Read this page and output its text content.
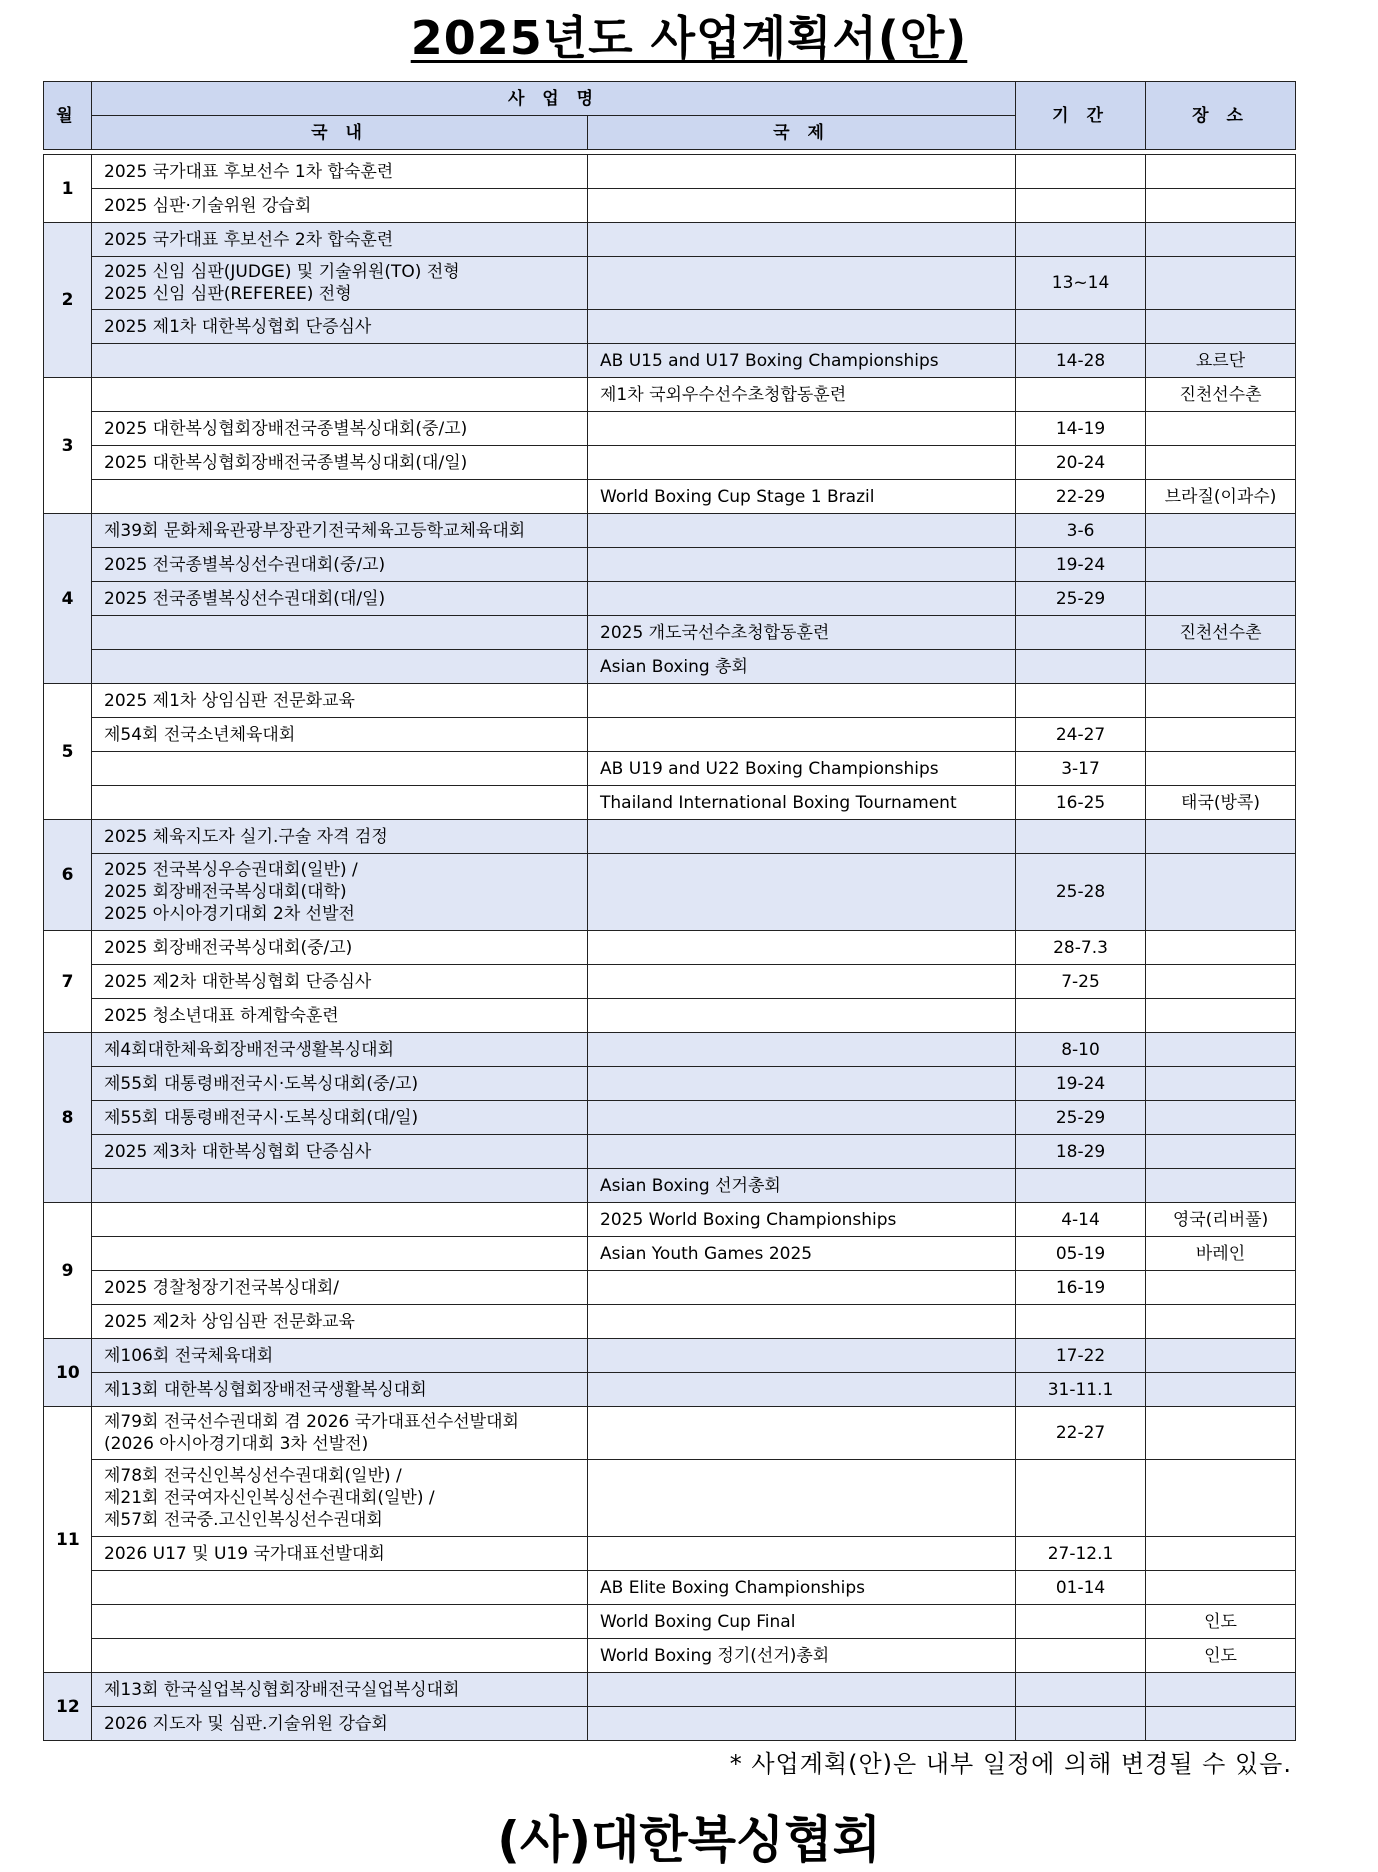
2025년도 사업계획서(안)
월	사 업 명		기 간	장 소
	국 내	국 제		

1	2025 국가대표 후보선수 1차 합숙훈련			

	2025 심판·기술위원 강습회			

2	2025 국가대표 후보선수 2차 합숙훈련			

	2025 신임 심판(JUDGE) 및 기술위원(TO) 전형
2025 신임 심판(REFEREE) 전형		13~14	

	2025 제1차 대한복싱협회 단증심사			

		AB U15 and U17 Boxing Championships	14-28	요르단
3		제1차 국외우수선수초청합동훈련		진천선수촌

	2025 대한복싱협회장배전국종별복싱대회(중/고)		14-19	

	2025 대한복싱협회장배전국종별복싱대회(대/일)		20-24	

		World Boxing Cup Stage 1 Brazil	22-29	브라질(이과수)
4	제39회 문화체육관광부장관기전국체육고등학교체육대회		3-6	

	2025 전국종별복싱선수권대회(중/고)		19-24	

	2025 전국종별복싱선수권대회(대/일)		25-29	

		2025 개도국선수초청합동훈련		진천선수촌

		Asian Boxing 총회		

5	2025 제1차 상임심판 전문화교육			

	제54회 전국소년체육대회		24-27	

		AB U19 and U22 Boxing Championships	3-17	

		Thailand International Boxing Tournament	16-25	태국(방콕)
6	2025 체육지도자 실기.구술 자격 검정			

	2025 전국복싱우승권대회(일반) /
2025 회장배전국복싱대회(대학)
2025 아시아경기대회 2차 선발전		25-28	
7	2025 회장배전국복싱대회(중/고)		28-7.3	

	2025 제2차 대한복싱협회 단증심사		7-25	

	2025 청소년대표 하계합숙훈련			

8	제4회대한체육회장배전국생활복싱대회		8-10	

	제55회 대통령배전국시·도복싱대회(중/고)		19-24	

	제55회 대통령배전국시·도복싱대회(대/일)		25-29	

	2025 제3차 대한복싱협회 단증심사		18-29	

		Asian Boxing 선거총회		

9		2025 World Boxing Championships	4-14	영국(리버풀)

		Asian Youth Games 2025	05-19	바레인

	2025 경찰청장기전국복싱대회/		16-19	

	2025 제2차 상임심판 전문화교육			

10	제106회 전국체육대회		17-22	

	제13회 대한복싱협회장배전국생활복싱대회		31-11.1	
11	제79회 전국선수권대회 겸 2026 국가대표선수선발대회
(2026 아시아경기대회 3차 선발전)		22-27	

	제78회 전국신인복싱선수권대회(일반) /
제21회 전국여자신인복싱선수권대회(일반) /
제57회 전국중.고신인복싱선수권대회			

	2026 U17 및 U19 국가대표선발대회		27-12.1	

		AB Elite Boxing Championships	01-14	

		World Boxing Cup Final		인도

		World Boxing 정기(선거)총회		인도
12	제13회 한국실업복싱협회장배전국실업복싱대회			

	2026 지도자 및 심판.기술위원 강습회			

* 사업계획(안)은 내부 일정에 의해 변경될 수 있음.
(사)대한복싱협회
